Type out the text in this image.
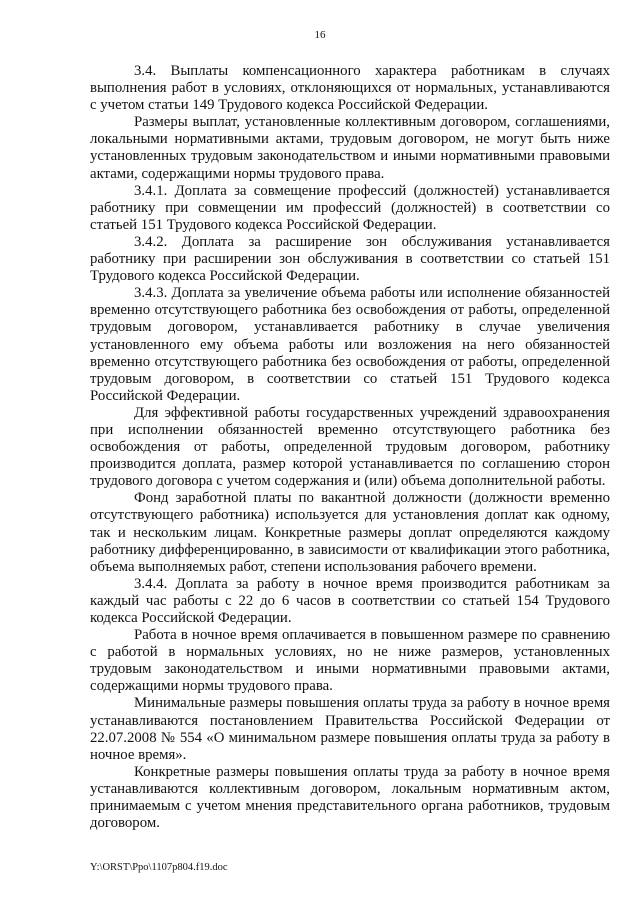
16

3.4. Выплаты компенсационного характера работникам в случаях выполнения работ в условиях, отклоняющихся от нормальных, устанавливаются с учетом статьи 149 Трудового кодекса Российской Федерации.

Размеры выплат, установленные коллективным договором, соглашениями, локальными нормативными актами, трудовым договором, не могут быть ниже установленных трудовым законодательством и иными нормативными правовыми актами, содержащими нормы трудового права.

3.4.1. Доплата за совмещение профессий (должностей) устанавливается работнику при совмещении им профессий (должностей) в соответствии со статьей 151 Трудового кодекса Российской Федерации.

3.4.2. Доплата за расширение зон обслуживания устанавливается работнику при расширении зон обслуживания в соответствии со статьей 151 Трудового кодекса Российской Федерации.

3.4.3. Доплата за увеличение объема работы или исполнение обязанностей временно отсутствующего работника без освобождения от работы, определенной трудовым договором, устанавливается работнику в случае увеличения установленного ему объема работы или возложения на него обязанностей временно отсутствующего работника без освобождения от работы, определенной трудовым договором, в соответствии со статьей 151 Трудового кодекса Российской Федерации.

Для эффективной работы государственных учреждений здравоохранения при исполнении обязанностей временно отсутствующего работника без освобождения от работы, определенной трудовым договором, работнику производится доплата, размер которой устанавливается по соглашению сторон трудового договора с учетом содержания и (или) объема дополнительной работы.

Фонд заработной платы по вакантной должности (должности временно отсутствующего работника) используется для установления доплат как одному, так и нескольким лицам. Конкретные размеры доплат определяются каждому работнику дифференцированно, в зависимости от квалификации этого работника, объема выполняемых работ, степени использования рабочего времени.

3.4.4. Доплата за работу в ночное время производится работникам за каждый час работы с 22 до 6 часов в соответствии со статьей 154 Трудового кодекса Российской Федерации.

Работа в ночное время оплачивается в повышенном размере по сравнению с работой в нормальных условиях, но не ниже размеров, установленных трудовым законодательством и иными нормативными правовыми актами, содержащими нормы трудового права.

Минимальные размеры повышения оплаты труда за работу в ночное время устанавливаются постановлением Правительства Российской Федерации от 22.07.2008 № 554 «О минимальном размере повышения оплаты труда за работу в ночное время».

Конкретные размеры повышения оплаты труда за работу в ночное время устанавливаются коллективным договором, локальным нормативным актом, принимаемым с учетом мнения представительного органа работников, трудовым договором.

Y:\ORST\Ppo\1107p804.f19.doc
